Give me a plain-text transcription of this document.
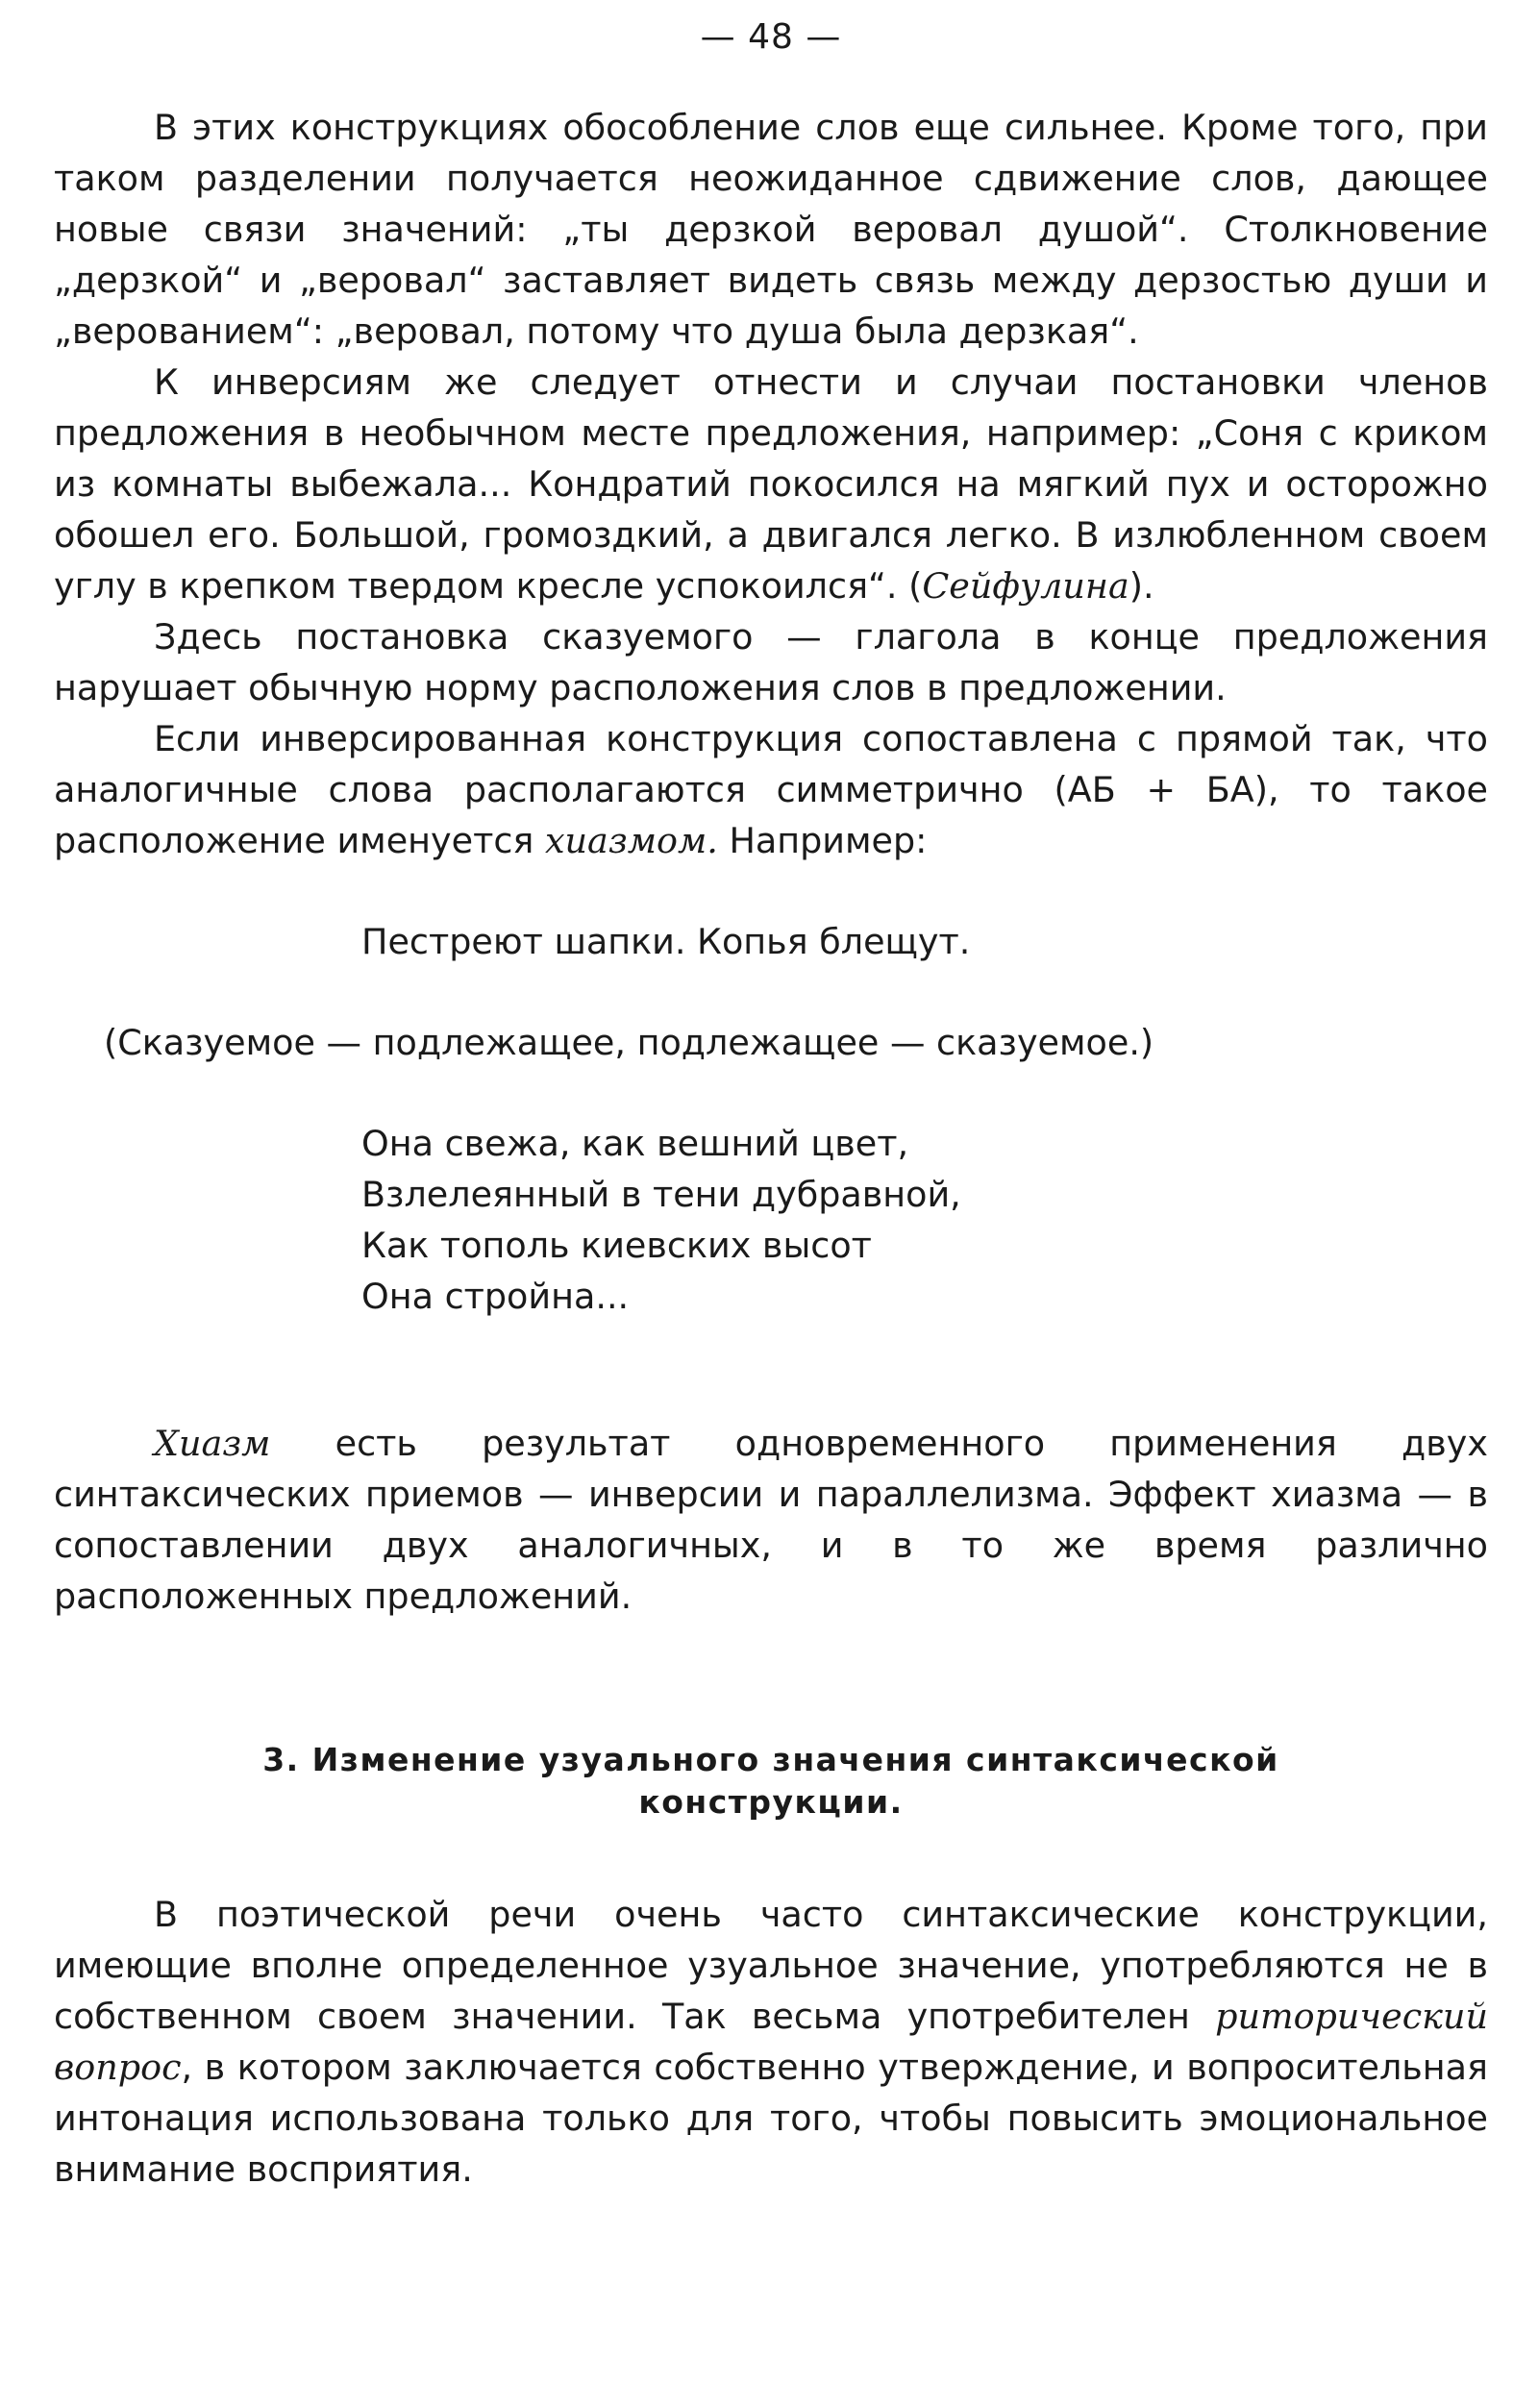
— 48 —

В этих конструкциях обособление слов еще сильнее. Кроме того, при таком разделении получается неожиданное сдвижение слов, дающее новые связи значений: „ты дерзкой веровал душой“. Столкновение „дерзкой“ и „веровал“ заставляет видеть связь между дерзостью души и „верованием“: „веровал, потому что душа была дерзкая“.

К инверсиям же следует отнести и случаи постановки членов предложения в необычном месте предложения, например: „Соня с криком из комнаты выбежала... Кондратий покосился на мягкий пух и осторожно обошел его. Большой, громоздкий, а двигался легко. В излюбленном своем углу в крепком твердом кресле успокоился“. (Сейфулина).

Здесь постановка сказуемого — глагола в конце предложения нарушает обычную норму расположения слов в предложении.

Если инверсированная конструкция сопоставлена с прямой так, что аналогичные слова располагаются симметрично (АБ + БА), то такое расположение именуется хиазмом. Например:

Пестреют шапки. Копья блещут.

(Сказуемое — подлежащее, подлежащее — сказуемое.)

Она свежа, как вешний цвет,
Взлелеянный в тени дубравной,
Как тополь киевских высот
Она стройна...

Хиазм есть результат одновременного применения двух синтаксических приемов — инверсии и параллелизма. Эффект хиазма — в сопоставлении двух аналогичных, и в то же время различно расположенных предложений.

3. Изменение узуального значения синтаксической конструкции.

В поэтической речи очень часто синтаксические конструкции, имеющие вполне определенное узуальное значение, употребляются не в собственном своем значении. Так весьма употребителен риторический вопрос, в котором заключается собственно утверждение, и вопросительная интонация использована только для того, чтобы повысить эмоциональное внимание восприятия.
